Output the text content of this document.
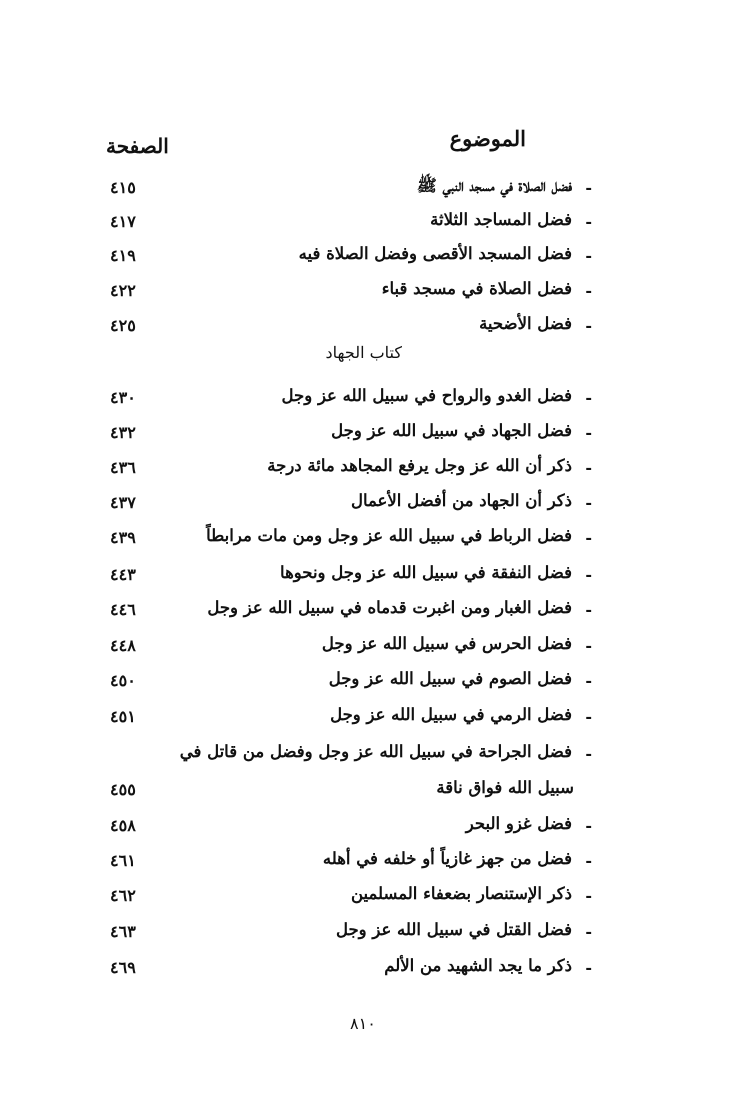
الموضوع
الصفحة
-
فضل الصلاة في مسجد النبي ﷺ
٤١٥
-
فضل المساجد الثلاثة
٤١٧
-
فضل المسجد الأقصى وفضل الصلاة فيه
٤١٩
-
فضل الصلاة في مسجد قباء
٤٢٢
-
فضل الأضحية
٤٢٥
كتاب الجهاد
-
فضل الغدو والرواح في سبيل الله عز وجل
٤٣٠
-
فضل الجهاد في سبيل الله عز وجل
٤٣٢
-
ذكر أن الله عز وجل يرفع المجاهد مائة درجة
٤٣٦
-
ذكر أن الجهاد من أفضل الأعمال
٤٣٧
-
فضل الرباط في سبيل الله عز وجل ومن مات مرابطاً
٤٣٩
-
فضل النفقة في سبيل الله عز وجل ونحوها
٤٤٣
-
فضل الغبار ومن اغبرت قدماه في سبيل الله عز وجل
٤٤٦
-
فضل الحرس في سبيل الله عز وجل
٤٤٨
-
فضل الصوم في سبيل الله عز وجل
٤٥٠
-
فضل الرمي في سبيل الله عز وجل
٤٥١
-
فضل الجراحة في سبيل الله عز وجل وفضل من قاتل في
سبيل الله فواق ناقة
٤٥٥
-
فضل غزو البحر
٤٥٨
-
فضل من جهز غازياً أو خلفه في أهله
٤٦١
-
ذكر الإستنصار بضعفاء المسلمين
٤٦٢
-
فضل القتل في سبيل الله عز وجل
٤٦٣
-
ذكر ما يجد الشهيد من الألم
٤٦٩
٨١٠
